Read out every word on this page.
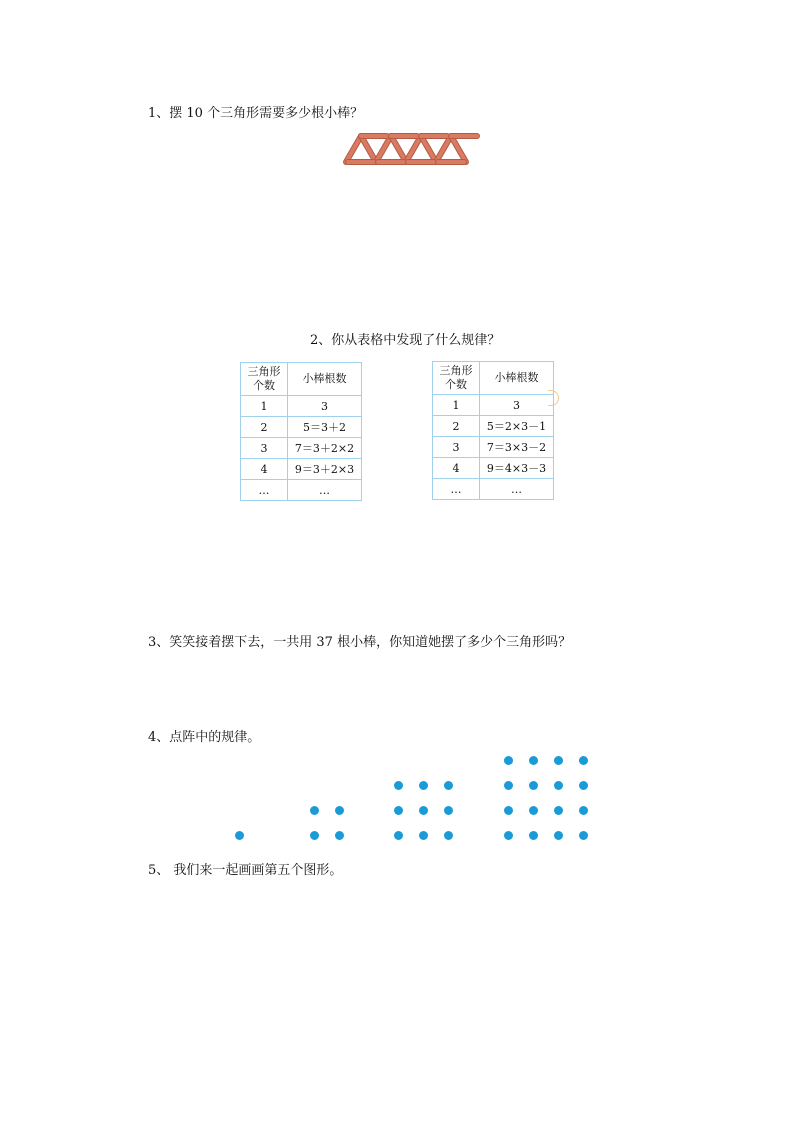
1、摆 10 个三角形需要多少根小棒？
2、你从表格中发现了什么规律？
三角形
个数	小棒根数
1	3
2	5＝3＋2
3	7＝3＋2×2
4	9＝3＋2×3
…	…
三角形
个数	小棒根数
1	3
2	5＝2×3－1
3	7＝3×3－2
4	9＝4×3－3
…	…
3、笑笑接着摆下去，一共用 37 根小棒，你知道她摆了多少个三角形吗？
4、点阵中的规律。
5、 我们来一起画画第五个图形。
